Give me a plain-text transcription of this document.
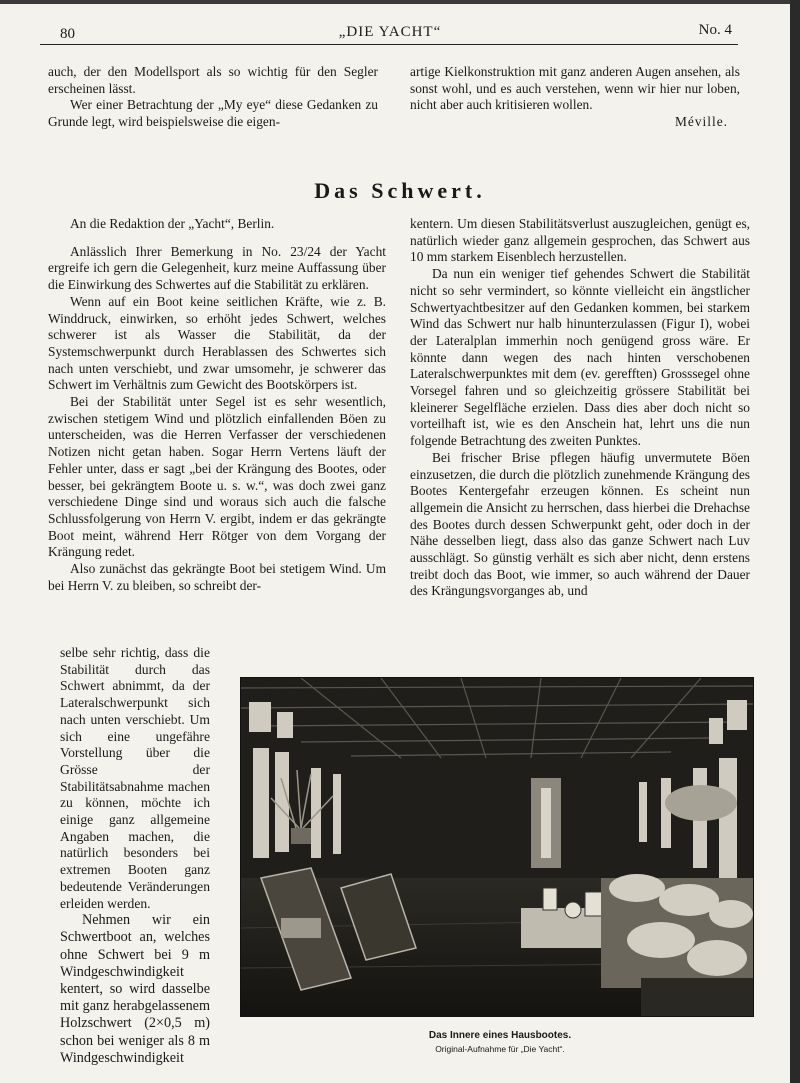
80	„DIE YACHT“	No. 4

auch, der den Modellsport als so wichtig für den Segler erscheinen lässt.

Wer einer Betrachtung der „My eye“ diese Gedanken zu Grunde legt, wird beispielsweise die eigen-

artige Kielkonstruktion mit ganz anderen Augen ansehen, als sonst wohl, und es auch verstehen, wenn wir hier nur loben, nicht aber auch kritisieren wollen.

Méville.

Das Schwert.

An die Redaktion der „Yacht“, Berlin.

Anlässlich Ihrer Bemerkung in No. 23/24 der Yacht ergreife ich gern die Gelegenheit, kurz meine Auffassung über die Einwirkung des Schwertes auf die Stabilität zu erklären.

Wenn auf ein Boot keine seitlichen Kräfte, wie z. B. Winddruck, einwirken, so erhöht jedes Schwert, welches schwerer ist als Wasser die Stabilität, da der Systemschwerpunkt durch Herablassen des Schwertes sich nach unten verschiebt, und zwar umsomehr, je schwerer das Schwert im Verhältnis zum Gewicht des Bootskörpers ist.

Bei der Stabilität unter Segel ist es sehr wesentlich, zwischen stetigem Wind und plötzlich einfallenden Böen zu unterscheiden, was die Herren Verfasser der verschiedenen Notizen nicht getan haben. Sogar Herrn Vertens läuft der Fehler unter, dass er sagt „bei der Krängung des Bootes, oder besser, bei gekrängtem Boote u. s. w.“, was doch zwei ganz verschiedene Dinge sind und woraus sich auch die falsche Schlussfolgerung von Herrn V. ergibt, indem er das gekrängte Boot meint, während Herr Rötger von dem Vorgang der Krängung redet.

Also zunächst das gekrängte Boot bei stetigem Wind. Um bei Herrn V. zu bleiben, so schreibt der-

selbe sehr richtig, dass die Stabilität durch das Schwert abnimmt, da der Lateralschwerpunkt sich nach unten verschiebt. Um sich eine ungefähre Vorstellung über die Grösse der Stabilitätsabnahme machen zu können, möchte ich einige ganz allgemeine Angaben machen, die natürlich besonders bei extremen Booten ganz bedeutende Veränderungen erleiden werden.

Nehmen wir ein Schwertboot an, welches ohne Schwert bei 9 m Windgeschwindigkeit kentert, so wird dasselbe mit ganz herabgelassenem Holzschwert (2×0,5 m) schon bei weniger als 8 m Windgeschwindigkeit

kentern. Um diesen Stabilitätsverlust auszugleichen, genügt es, natürlich wieder ganz allgemein gesprochen, das Schwert aus 10 mm starkem Eisenblech herzustellen.

Da nun ein weniger tief gehendes Schwert die Stabilität nicht so sehr vermindert, so könnte vielleicht ein ängstlicher Schwertyachtbesitzer auf den Gedanken kommen, bei starkem Wind das Schwert nur halb hinunterzulassen (Figur I), wobei der Lateralplan immerhin noch genügend gross wäre. Er könnte dann wegen des nach hinten verschobenen Lateralschwerpunktes mit dem (ev. gerefften) Grosssegel ohne Vorsegel fahren und so gleichzeitig grössere Stabilität bei kleinerer Segelfläche erzielen. Dass dies aber doch nicht so vorteilhaft ist, wie es den Anschein hat, lehrt uns die nun folgende Betrachtung des zweiten Punktes.

Bei frischer Brise pflegen häufig unvermutete Böen einzusetzen, die durch die plötzlich zunehmende Krängung des Bootes Kentergefahr erzeugen können. Es scheint nun allgemein die Ansicht zu herrschen, dass hierbei die Drehachse des Bootes durch dessen Schwerpunkt geht, oder doch in der Nähe desselben liegt, dass also das ganze Schwert nach Luv ausschlägt. So günstig verhält es sich aber nicht, denn erstens treibt doch das Boot, wie immer, so auch während der Dauer des Krängungsvorganges ab, und

Das Innere eines Hausbootes.
Original-Aufnahme für „Die Yacht“.
